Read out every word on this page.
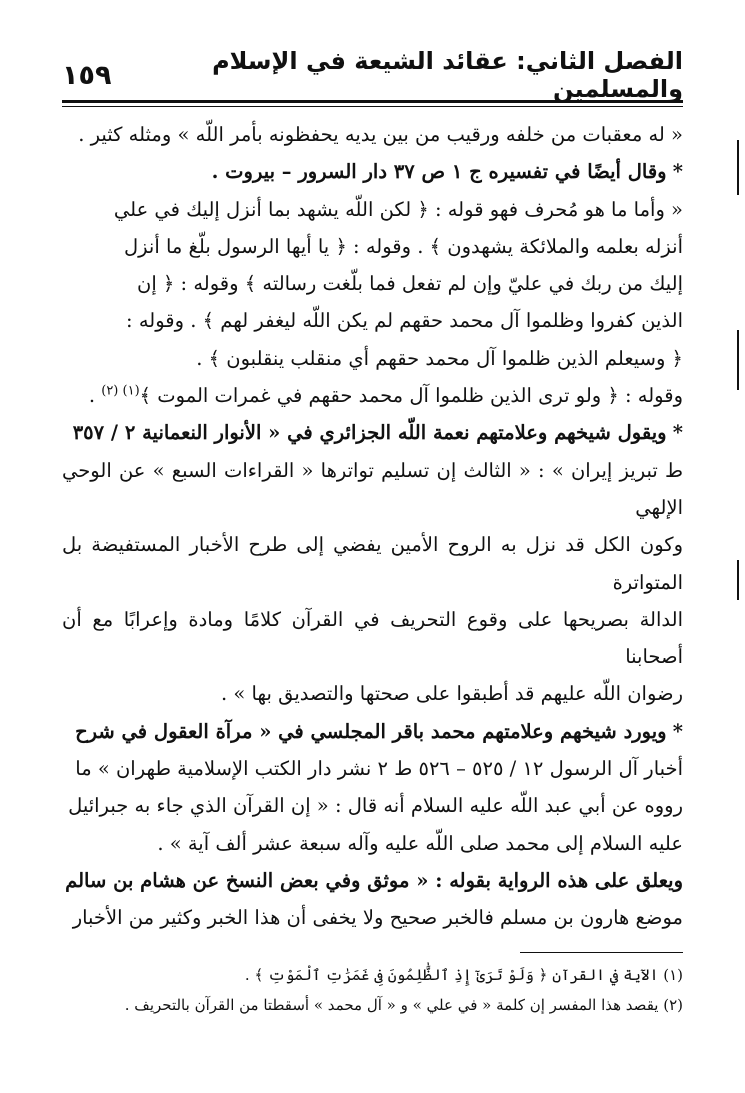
الفصل الثاني: عقائد الشيعة في الإسلام والمسلمين
١٥٩

« له معقبات من خلفه ورقيب من بين يديه يحفظونه بأمر اللّه » ومثله كثير .

* وقال أيضًا في تفسيره ج ١ ص ٣٧ دار السرور – بيروت .

« وأما ما هو مُحرف فهو قوله : ﴿ لكن اللّه يشهد بما أنزل إليك في علي

أنزله بعلمه والملائكة يشهدون ﴾ . وقوله : ﴿ يا أيها الرسول بلّغ ما أنزل

إليك من ربك في عليّ وإن لم تفعل فما بلّغت رسالته ﴾ وقوله : ﴿ إن

الذين كفروا وظلموا آل محمد حقهم لم يكن اللّه ليغفر لهم ﴾ . وقوله :

﴿ وسيعلم الذين ظلموا آل محمد حقهم أي منقلب ينقلبون ﴾ .

وقوله : ﴿ ولو ترى الذين ظلموا آل محمد حقهم في غمرات الموت ﴾$^{(١) (٢)}$ .

* ويقول شيخهم وعلامتهم نعمة اللّه الجزائري في « الأنوار النعمانية ٢ / ٣٥٧

ط تبريز إيران » : « الثالث إن تسليم تواترها « القراءات السبع » عن الوحي الإلهي

وكون الكل قد نزل به الروح الأمين يفضي إلى طرح الأخبار المستفيضة بل المتواترة

الدالة بصريحها على وقوع التحريف في القرآن كلامًا ومادة وإعرابًا مع أن أصحابنا

رضوان اللّه عليهم قد أطبقوا على صحتها والتصديق بها » .

* ويورد شيخهم وعلامتهم محمد باقر المجلسي في « مرآة العقول في شرح

أخبار آل الرسول ١٢ / ٥٢٥ – ٥٢٦ ط ٢ نشر دار الكتب الإسلامية طهران » ما

رووه عن أبي عبد اللّه عليه السلام أنه قال : « إن القرآن الذي جاء به جبرائيل

عليه السلام إلى محمد صلى اللّه عليه وآله سبعة عشر ألف آية » .

ويعلق على هذه الرواية بقوله : « موثق وفي بعض النسخ عن هشام بن سالم

موضع هارون بن مسلم فالخبر صحيح ولا يخفى أن هذا الخبر وكثير من الأخبار

(١) الآية في القرآن ﴿ وَلَوْ تَرَىٰٓ إِذِ ٱلظَّٰلِمُونَ فِى غَمَرَٰتِ ٱلْمَوْتِ ﴾ .

(٢) يقصد هذا المفسر إن كلمة « في علي » و « آل محمد » أسقطتا من القرآن بالتحريف .
